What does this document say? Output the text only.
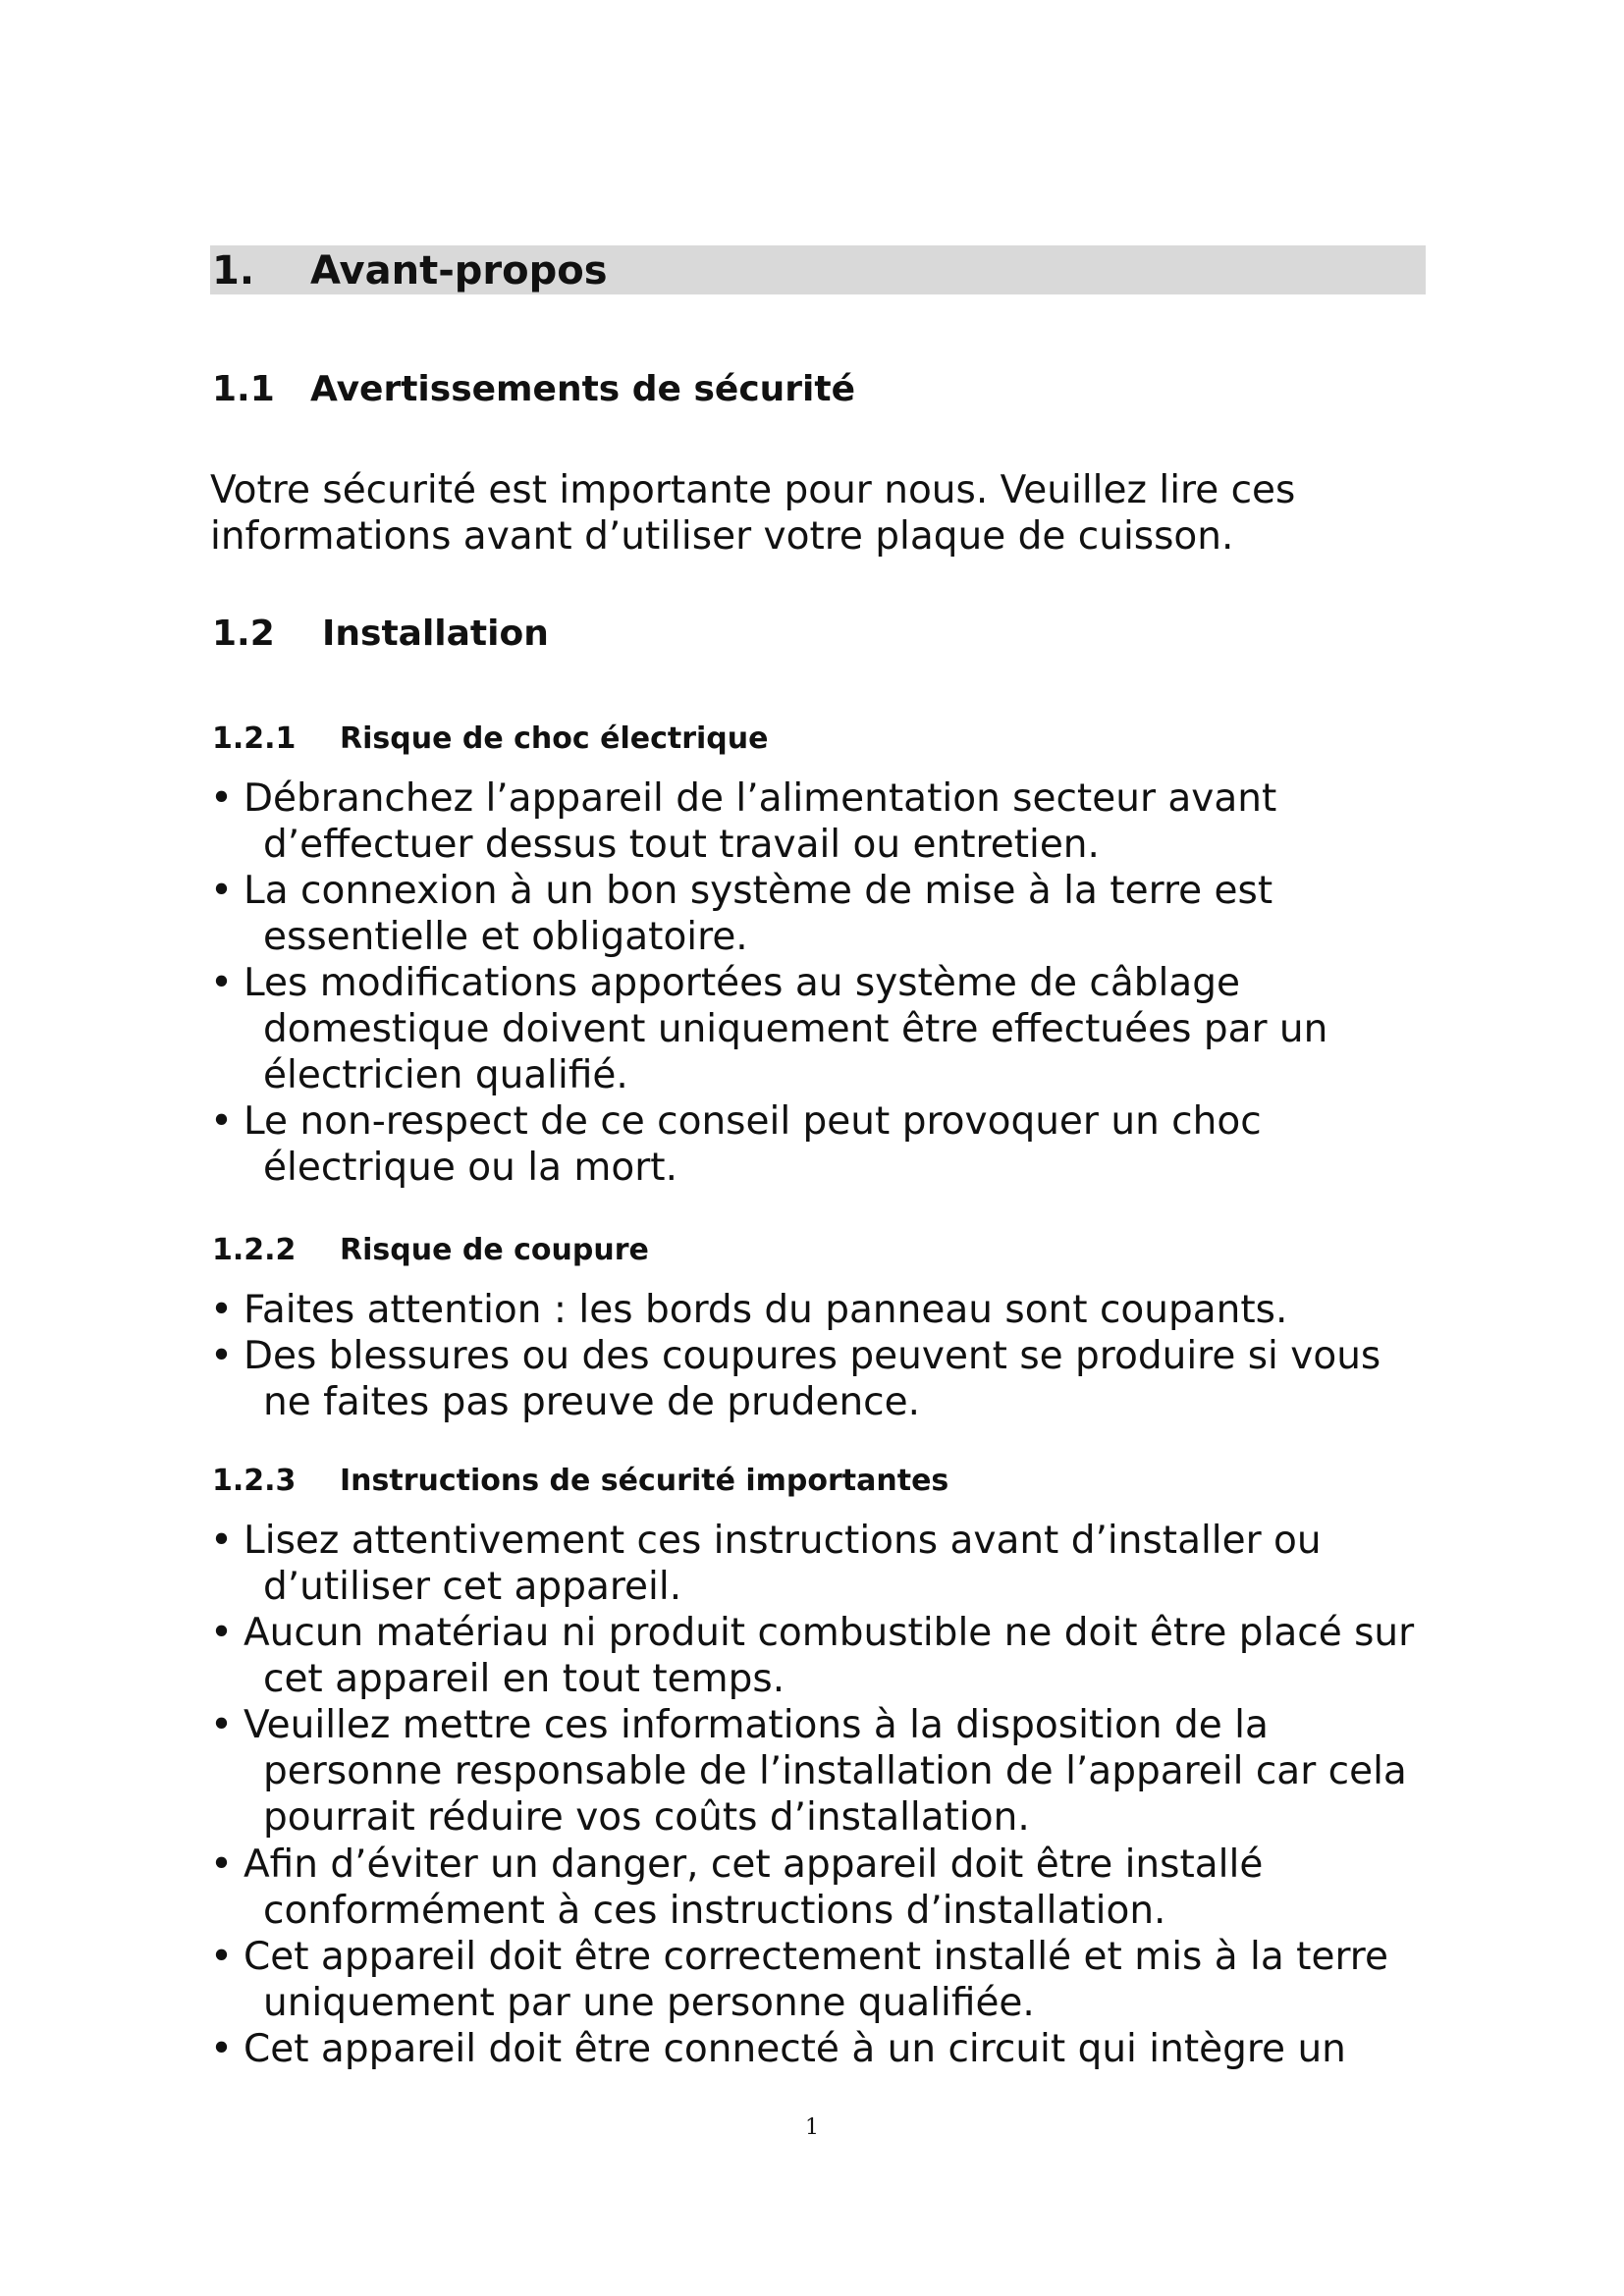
1. Avant-propos
1.1 Avertissements de sécurité
Votre sécurité est importante pour nous. Veuillez lire ces
informations avant d’utiliser votre plaque de cuisson.
1.2 Installation
1.2.1 Risque de choc électrique
• Débranchez l’appareil de l’alimentation secteur avant
d’effectuer dessus tout travail ou entretien.
• La connexion à un bon système de mise à la terre est
essentielle et obligatoire.
• Les modifications apportées au système de câblage
domestique doivent uniquement être effectuées par un
électricien qualifié.
• Le non-respect de ce conseil peut provoquer un choc
électrique ou la mort.
1.2.2 Risque de coupure
• Faites attention : les bords du panneau sont coupants.
• Des blessures ou des coupures peuvent se produire si vous
ne faites pas preuve de prudence.
1.2.3 Instructions de sécurité importantes
• Lisez attentivement ces instructions avant d’installer ou
d’utiliser cet appareil.
• Aucun matériau ni produit combustible ne doit être placé sur
cet appareil en tout temps.
• Veuillez mettre ces informations à la disposition de la
personne responsable de l’installation de l’appareil car cela
pourrait réduire vos coûts d’installation.
• Afin d’éviter un danger, cet appareil doit être installé
conformément à ces instructions d’installation.
• Cet appareil doit être correctement installé et mis à la terre
uniquement par une personne qualifiée.
• Cet appareil doit être connecté à un circuit qui intègre un
1
